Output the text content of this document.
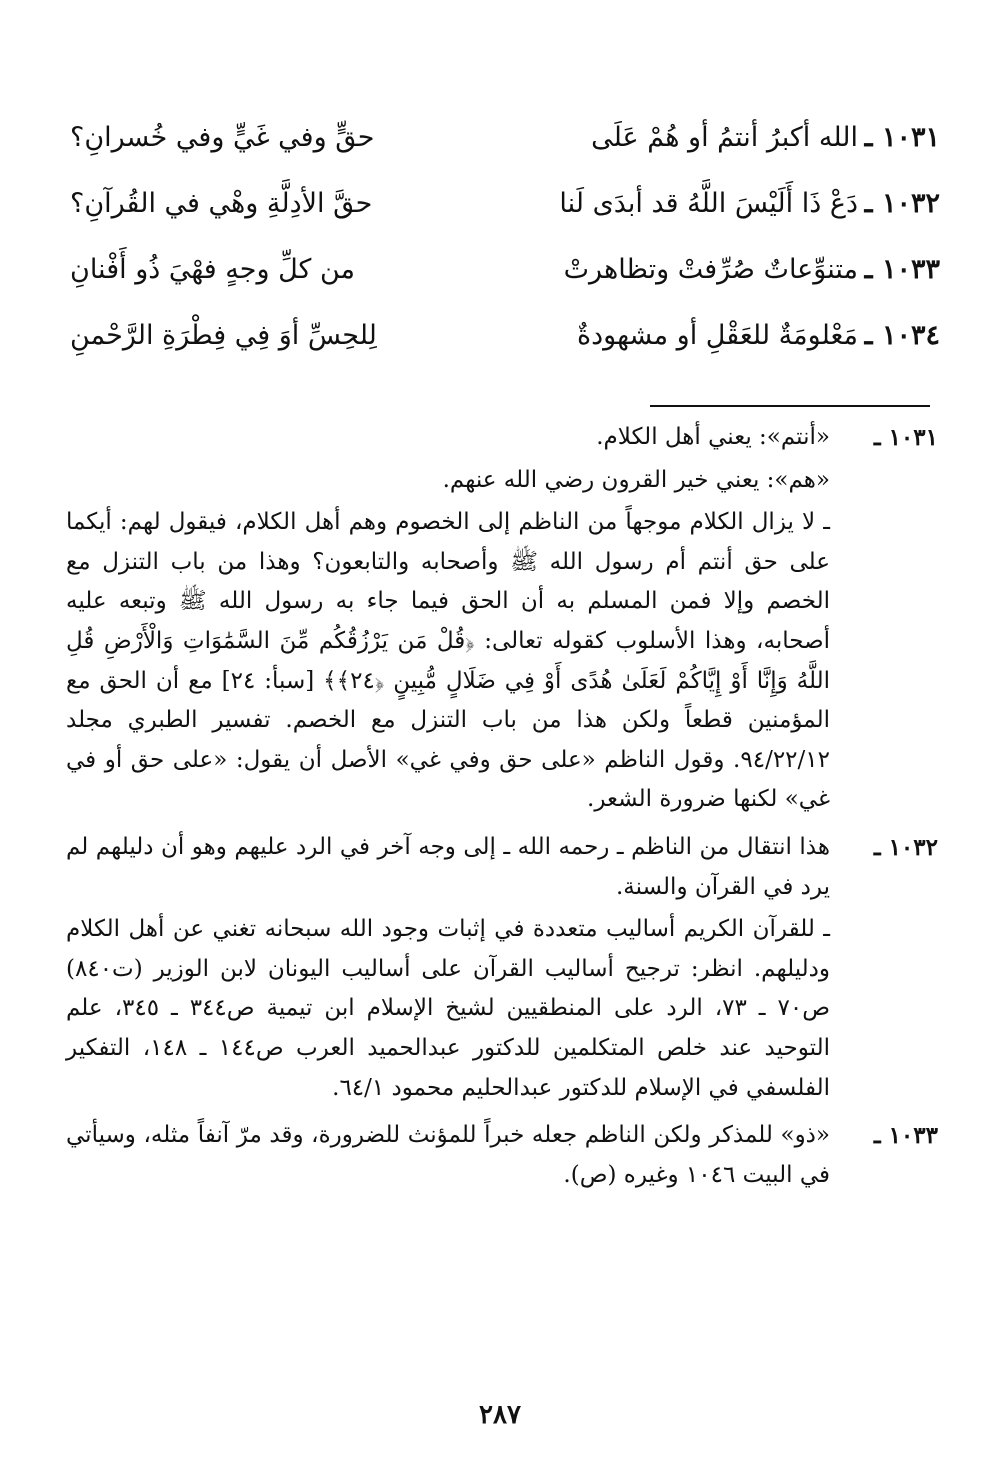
١٠٣١ ـ
الله أكبرُ أنتمُ أو هُمْ عَلَى
حقٍّ وفي غَيٍّ وفي خُسرانِ؟
١٠٣٢ ـ
دَعْ ذَا أَلَيْسَ اللَّهُ قد أبدَى لَنا
حقَّ الأدِلَّةِ وهْي في القُرآنِ؟
١٠٣٣ ـ
متنوِّعاتٌ صُرِّفتْ وتظاهرتْ
من كلِّ وجهٍ فهْيَ ذُو أَفْنانِ
١٠٣٤ ـ
مَعْلومَةٌ للعَقْلِ أو مشهودةٌ
لِلحِسِّ أوَ فِي فِطْرَةِ الرَّحْمنِ
١٠٣١ ـ

«أنتم»: يعني أهل الكلام.

«هم»: يعني خير القرون رضي الله عنهم.

ـ لا يزال الكلام موجهاً من الناظم إلى الخصوم وهم أهل الكلام، فيقول لهم: أيكما على حق أنتم أم رسول الله ﷺ وأصحابه والتابعون؟ وهذا من باب التنزل مع الخصم وإلا فمن المسلم به أن الحق فيما جاء به رسول الله ﷺ وتبعه عليه أصحابه، وهذا الأسلوب كقوله تعالى: ﴿قُلْ مَن يَرْزُقُكُم مِّنَ السَّمَٰوَاتِ وَالْأَرْضِ قُلِ اللَّهُ وَإِنَّا أَوْ إِيَّاكُمْ لَعَلَىٰ هُدًى أَوْ فِي ضَلَالٍ مُّبِينٍ ﴿٢٤﴾﴾ [سبأ: ٢٤] مع أن الحق مع المؤمنين قطعاً ولكن هذا من باب التنزل مع الخصم. تفسير الطبري مجلد ٩٤/٢٢/١٢. وقول الناظم «على حق وفي غي» الأصل أن يقول: «على حق أو في غي» لكنها ضرورة الشعر.

١٠٣٢ ـ

هذا انتقال من الناظم ـ رحمه الله ـ إلى وجه آخر في الرد عليهم وهو أن دليلهم لم يرد في القرآن والسنة.

ـ للقرآن الكريم أساليب متعددة في إثبات وجود الله سبحانه تغني عن أهل الكلام ودليلهم. انظر: ترجيح أساليب القرآن على أساليب اليونان لابن الوزير (ت٨٤٠) ص٧٠ ـ ٧٣، الرد على المنطقيين لشيخ الإسلام ابن تيمية ص٣٤٤ ـ ٣٤٥، علم التوحيد عند خلص المتكلمين للدكتور عبدالحميد العرب ص١٤٤ ـ ١٤٨، التفكير الفلسفي في الإسلام للدكتور عبدالحليم محمود ٦٤/١.

١٠٣٣ ـ

«ذو» للمذكر ولكن الناظم جعله خبراً للمؤنث للضرورة، وقد مرّ آنفاً مثله، وسيأتي في البيت ١٠٤٦ وغيره (ص).

٢٨٧
